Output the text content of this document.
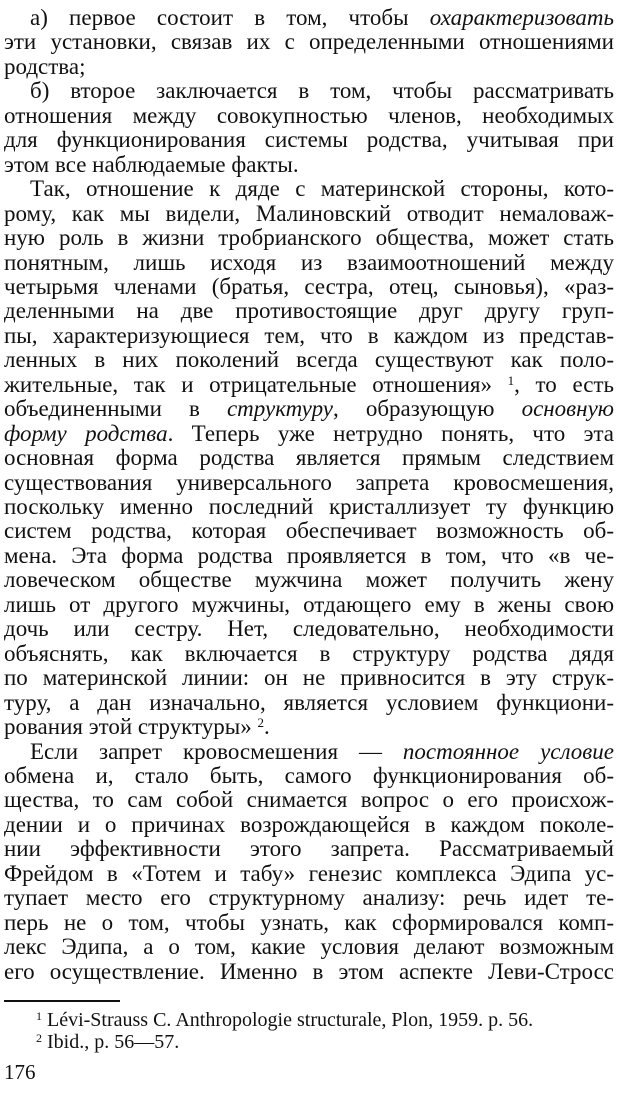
а) первое состоит в том, чтобы охарактеризовать
эти установки, связав их с определенными отношениями
родства;
б) второе заключается в том, чтобы рассматривать
отношения между совокупностью членов, необходимых
для функционирования системы родства, учитывая при
этом все наблюдаемые факты.
Так, отношение к дяде с материнской стороны, кото-
рому, как мы видели, Малиновский отводит немаловаж-
ную роль в жизни тробрианского общества, может стать
понятным, лишь исходя из взаимоотношений между
четырьмя членами (братья, сестра, отец, сыновья), «раз-
деленными на две противостоящие друг другу груп-
пы, характеризующиеся тем, что в каждом из представ-
ленных в них поколений всегда существуют как поло-
жительные, так и отрицательные отношения» $^1$, то есть
объединенными в структуру, образующую основную
форму родства. Теперь уже нетрудно понять, что эта
основная форма родства является прямым следствием
существования универсального запрета кровосмешения,
поскольку именно последний кристаллизует ту функцию
систем родства, которая обеспечивает возможность об-
мена. Эта форма родства проявляется в том, что «в че-
ловеческом обществе мужчина может получить жену
лишь от другого мужчины, отдающего ему в жены свою
дочь или сестру. Нет, следовательно, необходимости
объяснять, как включается в структуру родства дядя
по материнской линии: он не привносится в эту струк-
туру, а дан изначально, является условием функциони-
рования этой структуры» $^2$.
Если запрет кровосмешения — постоянное условие
обмена и, стало быть, самого функционирования об-
щества, то сам собой снимается вопрос о его происхож-
дении и о причинах возрождающейся в каждом поколе-
нии эффективности этого запрета. Рассматриваемый
Фрейдом в «Тотем и табу» генезис комплекса Эдипа ус-
тупает место его структурному анализу: речь идет те-
перь не о том, чтобы узнать, как сформировался комп-
лекс Эдипа, а о том, какие условия делают возможным
его осуществление. Именно в этом аспекте Леви-Стросс
$^1$ Lévi-Strauss C. Anthropologie structurale, Plon, 1959. p. 56.
$^2$ Ibid., p. 56—57.
176
